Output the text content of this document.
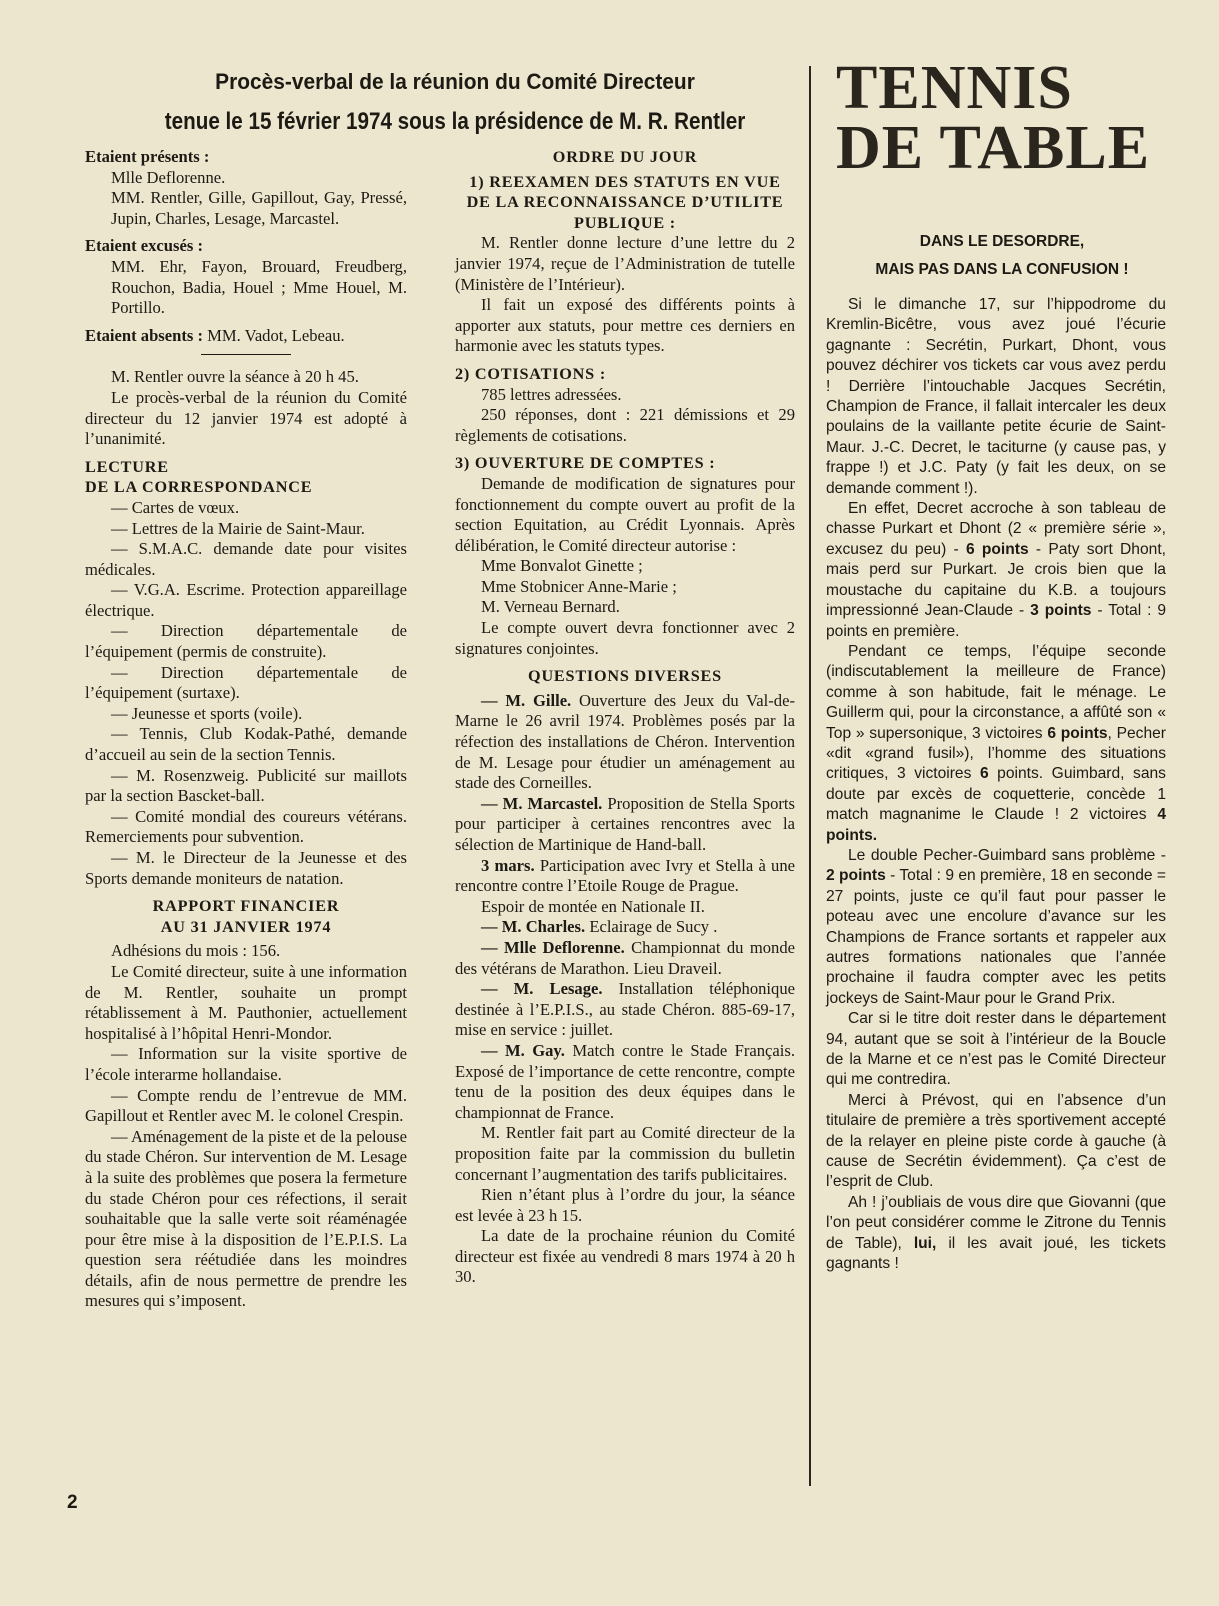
Procès-verbal de la réunion du Comité Directeur
tenue le 15 février 1974 sous la présidence de M. R. Rentler

Etaient présents :

Mlle Deflorenne.

MM. Rentler, Gille, Gapillout, Gay, Pressé, Jupin, Charles, Lesage, Marcastel.

Etaient excusés :

MM. Ehr, Fayon, Brouard, Freudberg, Rouchon, Badia, Houel ; Mme Houel, M. Portillo.

Etaient absents : MM. Vadot, Lebeau.

M. Rentler ouvre la séance à 20 h 45.

Le procès-verbal de la réunion du Comité directeur du 12 janvier 1974 est adopté à l’unanimité.

LECTURE

DE LA CORRESPONDANCE

— Cartes de vœux.

— Lettres de la Mairie de Saint-Maur.

— S.M.A.C. demande date pour visites médicales.

— V.G.A. Escrime. Protection appareillage électrique.

— Direction départementale de l’équipement (permis de construite).

— Direction départementale de l’équipement (surtaxe).

— Jeunesse et sports (voile).

— Tennis, Club Kodak-Pathé, demande d’accueil au sein de la section Tennis.

— M. Rosenzweig. Publicité sur maillots par la section Bascket-ball.

— Comité mondial des coureurs vétérans. Remerciements pour subvention.

— M. le Directeur de la Jeunesse et des Sports demande moniteurs de natation.

RAPPORT FINANCIER

AU 31 JANVIER 1974

Adhésions du mois : 156.

Le Comité directeur, suite à une information de M. Rentler, souhaite un prompt rétablissement à M. Pauthonier, actuellement hospitalisé à l’hôpital Henri-Mondor.

— Information sur la visite sportive de l’école interarme hollandaise.

— Compte rendu de l’entrevue de MM. Gapillout et Rentler avec M. le colonel Crespin.

— Aménagement de la piste et de la pelouse du stade Chéron. Sur intervention de M. Lesage à la suite des problèmes que posera la fermeture du stade Chéron pour ces réfections, il serait souhaitable que la salle verte soit réaménagée pour être mise à la disposition de l’E.P.I.S. La question sera réétudiée dans les moindres détails, afin de nous permettre de prendre les mesures qui s’imposent.

ORDRE DU JOUR

1) REEXAMEN DES STATUTS EN VUE DE LA RECONNAISSANCE D’UTILITE PUBLIQUE :

M. Rentler donne lecture d’une lettre du 2 janvier 1974, reçue de l’Administration de tutelle (Ministère de l’Intérieur).

Il fait un exposé des différents points à apporter aux statuts, pour mettre ces derniers en harmonie avec les statuts types.

2) COTISATIONS :

785 lettres adressées.

250 réponses, dont : 221 démissions et 29 règlements de cotisations.

3) OUVERTURE DE COMPTES :

Demande de modification de signatures pour fonctionnement du compte ouvert au profit de la section Equitation, au Crédit Lyonnais. Après délibération, le Comité directeur autorise :

Mme Bonvalot Ginette ;

Mme Stobnicer Anne-Marie ;

M. Verneau Bernard.

Le compte ouvert devra fonctionner avec 2 signatures conjointes.

QUESTIONS DIVERSES

— M. Gille. Ouverture des Jeux du Val-de-Marne le 26 avril 1974. Problèmes posés par la réfection des installations de Chéron. Intervention de M. Lesage pour étudier un aménagement au stade des Corneilles.

— M. Marcastel. Proposition de Stella Sports pour participer à certaines rencontres avec la sélection de Martinique de Hand-ball.

3 mars. Participation avec Ivry et Stella à une rencontre contre l’Etoile Rouge de Prague.

Espoir de montée en Nationale II.

— M. Charles. Eclairage de Sucy .

— Mlle Deflorenne. Championnat du monde des vétérans de Marathon. Lieu Draveil.

— M. Lesage. Installation téléphonique destinée à l’E.P.I.S., au stade Chéron. 885-69-17, mise en service : juillet.

— M. Gay. Match contre le Stade Français. Exposé de l’importance de cette rencontre, compte tenu de la position des deux équipes dans le championnat de France.

M. Rentler fait part au Comité directeur de la proposition faite par la commission du bulletin concernant l’augmentation des tarifs publicitaires.

Rien n’étant plus à l’ordre du jour, la séance est levée à 23 h 15.

La date de la prochaine réunion du Comité directeur est fixée au vendredi 8 mars 1974 à 20 h 30.

TENNIS
DE TABLE
DANS LE DESORDRE,
MAIS PAS DANS LA CONFUSION !

Si le dimanche 17, sur l’hippodrome du Kremlin-Bicêtre, vous avez joué l’écurie gagnante : Secrétin, Purkart, Dhont, vous pouvez déchirer vos tickets car vous avez perdu ! Derrière l’intouchable Jacques Secrétin, Champion de France, il fallait intercaler les deux poulains de la vaillante petite écurie de Saint-Maur. J.-C. Decret, le taciturne (y cause pas, y frappe !) et J.C. Paty (y fait les deux, on se demande comment !).

En effet, Decret accroche à son tableau de chasse Purkart et Dhont (2 « première série », excusez du peu) - 6 points - Paty sort Dhont, mais perd sur Purkart. Je crois bien que la moustache du capitaine du K.B. a toujours impressionné Jean-Claude - 3 points - Total : 9 points en première.

Pendant ce temps, l’équipe seconde (indiscutablement la meilleure de France) comme à son habitude, fait le ménage. Le Guillerm qui, pour la circonstance, a affûté son « Top » supersonique, 3 victoires 6 points, Pecher «dit «grand fusil»), l’homme des situations critiques, 3 victoires 6 points. Guimbard, sans doute par excès de coquetterie, concède 1 match magnanime le Claude ! 2 victoires 4 points.

Le double Pecher-Guimbard sans problème - 2 points - Total : 9 en première, 18 en seconde = 27 points, juste ce qu’il faut pour passer le poteau avec une encolure d’avance sur les Champions de France sortants et rappeler aux autres formations nationales que l’année prochaine il faudra compter avec les petits jockeys de Saint-Maur pour le Grand Prix.

Car si le titre doit rester dans le département 94, autant que se soit à l’intérieur de la Boucle de la Marne et ce n’est pas le Comité Directeur qui me contredira.

Merci à Prévost, qui en l’absence d’un titulaire de première a très sportivement accepté de la relayer en pleine piste corde à gauche (à cause de Secrétin évidemment). Ça c’est de l’esprit de Club.

Ah ! j’oubliais de vous dire que Giovanni (que l’on peut considérer comme le Zitrone du Tennis de Table), lui, il les avait joué, les tickets gagnants !

2
